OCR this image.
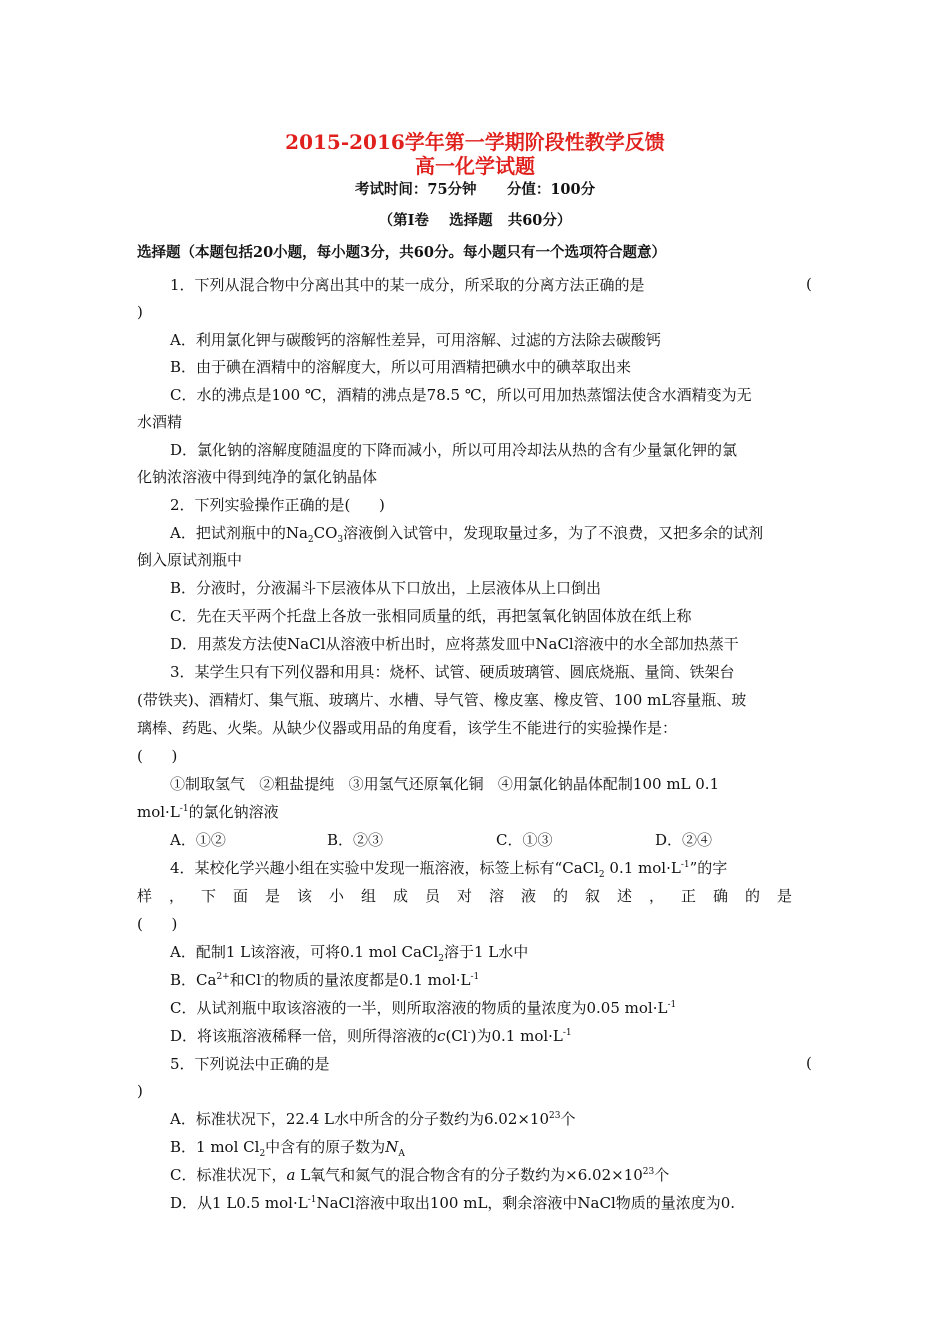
2015-2016学年第一学期阶段性教学反馈
高一化学试题
考试时间：75分钟      分值：100分
（第Ⅰ卷    选择题   共60分）
选择题（本题包括20小题，每小题3分，共60分。每小题只有一个选项符合题意）
1．下列从混合物中分离出其中的某一成分，所采取的分离方法正确的是	(
)
A．利用氯化钾与碳酸钙的溶解性差异，可用溶解、过滤的方法除去碳酸钙
B．由于碘在酒精中的溶解度大，所以可用酒精把碘水中的碘萃取出来
C．水的沸点是100 ℃，酒精的沸点是78.5 ℃，所以可用加热蒸馏法使含水酒精变为无
水酒精
D．氯化钠的溶解度随温度的下降而减小，所以可用冷却法从热的含有少量氯化钾的氯
化钠浓溶液中得到纯净的氯化钠晶体
2．下列实验操作正确的是(      )
A．把试剂瓶中的$Na_2CO_3$溶液倒入试管中，发现取量过多，为了不浪费，又把多余的试剂
倒入原试剂瓶中
B．分液时，分液漏斗下层液体从下口放出，上层液体从上口倒出
C．先在天平两个托盘上各放一张相同质量的纸，再把氢氧化钠固体放在纸上称
D．用蒸发方法使NaCl从溶液中析出时，应将蒸发皿中NaCl溶液中的水全部加热蒸干
3．某学生只有下列仪器和用具：烧杯、试管、硬质玻璃管、圆底烧瓶、量筒、铁架台
(带铁夹)、酒精灯、集气瓶、玻璃片、水槽、导气管、橡皮塞、橡皮管、100 mL容量瓶、玻
璃棒、药匙、火柴。从缺少仪器或用品的角度看，该学生不能进行的实验操作是：
(      )
①制取氢气   ②粗盐提纯   ③用氢气还原氧化铜   ④用氯化钠晶体配制100 mL 0.1
$mol\cdot L^{-1}$的氯化钠溶液
A．①②	B．②③	C．①③	D．②④
4．某校化学兴趣小组在实验中发现一瓶溶液，标签上标有“CaCl$_2$ 0.1 $mol\cdot L^{-1}$”的字
样，下面是该小组成员对溶液的叙述，正确的是
(      )
A．配制1 L该溶液，可将0.1 mol CaCl$_2$溶于1 L水中
B．$Ca^{2+}$和Cl-的物质的量浓度都是0.1 $mol\cdot L^{-1}$
C．从试剂瓶中取该溶液的一半，则所取溶液的物质的量浓度为0.05 $mol\cdot L^{-1}$
D．将该瓶溶液稀释一倍，则所得溶液的c(Cl-)为0.1 $mol\cdot L^{-1}$
5．下列说法中正确的是	(
)
A．标准状况下，22.4 L水中所含的分子数约为$6.02\times 10^{23}$个
B．1 mol $Cl_2$中含有的原子数为$N_A$
C．标准状况下，a L氧气和氮气的混合物含有的分子数约为$\times 6.02\times 10^{23}$个
D．从1 L0.5 $mol\cdot L^{-1}NaCl$溶液中取出100 mL，剩余溶液中NaCl物质的量浓度为0.
